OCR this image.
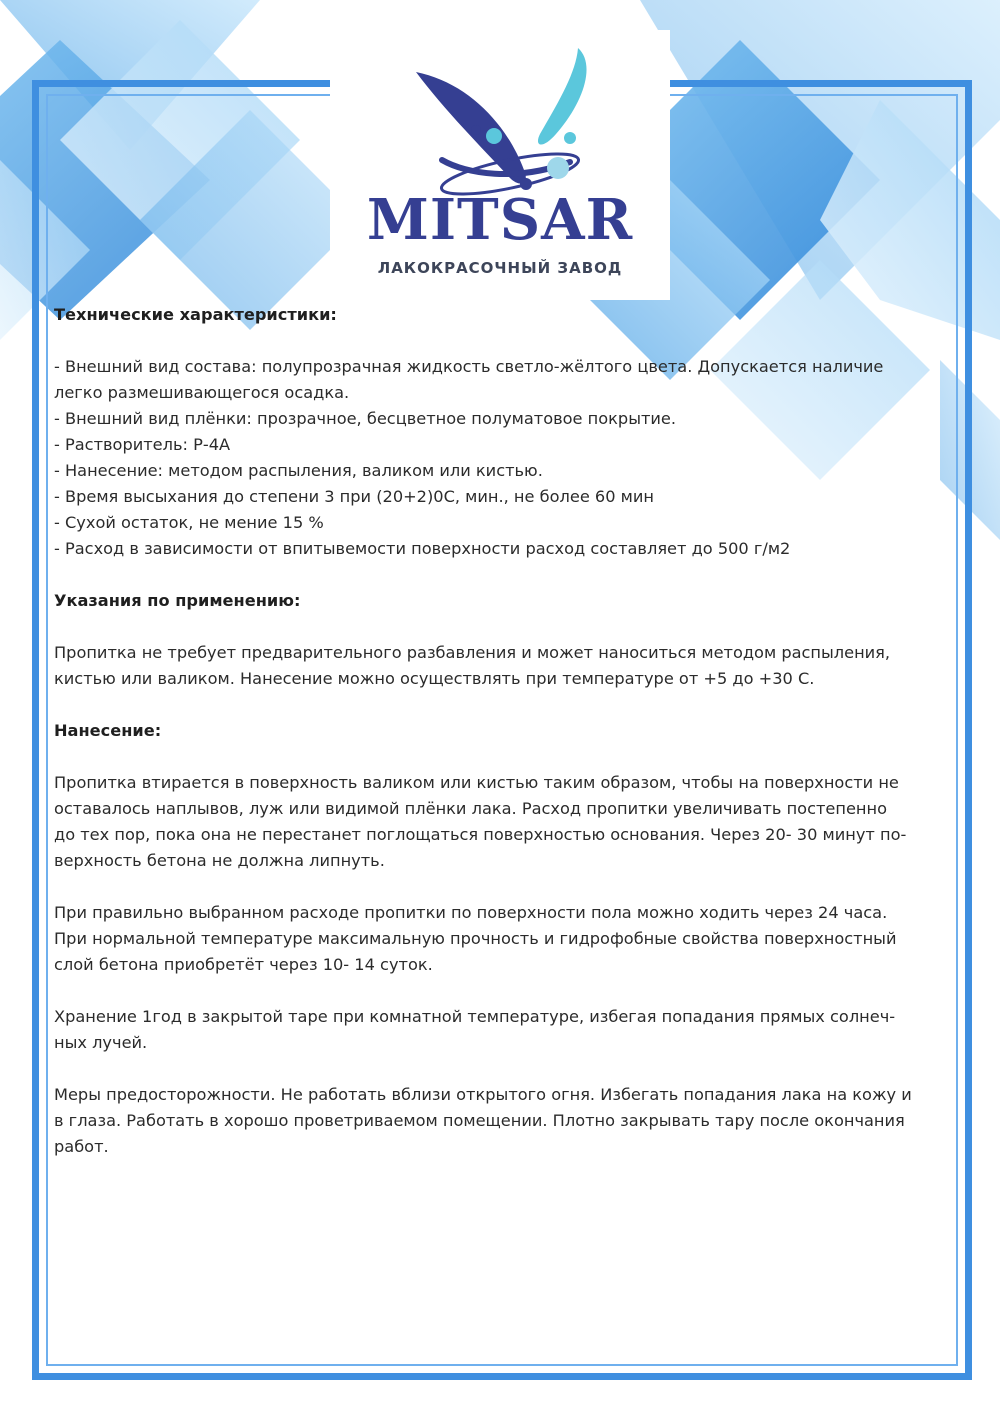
MITSAR
ЛАКОКРАСОЧНЫЙ ЗАВОД

Технические характеристики:

- Внешний вид состава: полупрозрачная жидкость светло-жёлтого цвета. Допускается наличие

легко размешивающегося осадка.

- Внешний вид плёнки: прозрачное, бесцветное полуматовое покрытие.

- Растворитель: Р-4А

- Нанесение: методом распыления, валиком или кистью.

- Время высыхания до степени 3 при (20+2)0С, мин., не более 60 мин

- Сухой остаток, не мение 15 %

- Расход в зависимости от впитывемости поверхности расход составляет до 500 г/м2

Указания по применению:

Пропитка не требует предварительного разбавления и может наноситься методом распыления,

кистью или валиком. Нанесение можно осуществлять при температуре от +5 до +30 С.

Нанесение:

Пропитка втирается в поверхность валиком или кистью таким образом, чтобы на поверхности не

оставалось наплывов, луж или видимой плёнки лака. Расход пропитки увеличивать постепенно

до тех пор, пока она не перестанет поглощаться поверхностью основания. Через 20- 30 минут по-

верхность бетона не должна липнуть.

При правильно выбранном расходе пропитки по поверхности пола можно ходить через 24 часа.

При нормальной температуре максимальную прочность и гидрофобные свойства поверхностный

слой бетона приобретёт через 10- 14 суток.

Хранение 1год в закрытой таре при комнатной температуре, избегая попадания прямых солнеч-

ных лучей.

Меры предосторожности. Не работать вблизи открытого огня. Избегать попадания лака на кожу и

в глаза. Работать в хорошо проветриваемом помещении. Плотно закрывать тару после окончания

работ.
